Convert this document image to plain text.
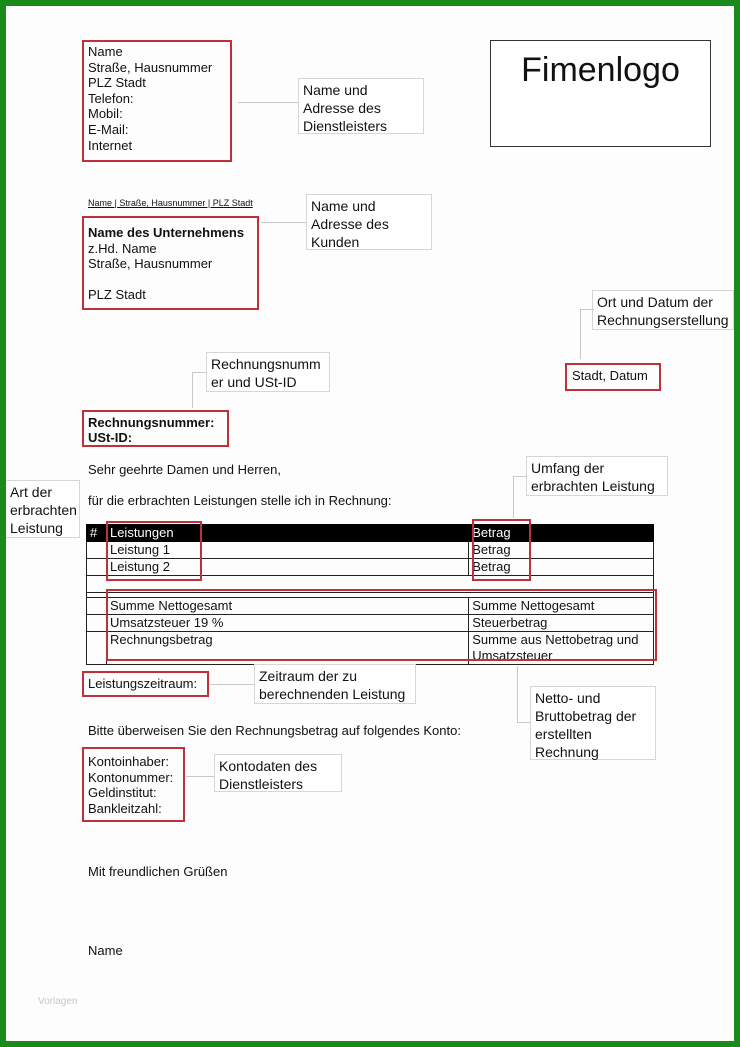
Name
Straße, Hausnummer
PLZ Stadt
Telefon:
Mobil:
E-Mail:
Internet
Fimenlogo
Name und
Adresse des
Dienstleisters
Name | Straße, Hausnummer | PLZ Stadt
Name des Unternehmens
z.Hd. Name
Straße, Hausnummer

PLZ Stadt
Name und
Adresse des
Kunden
Ort und Datum der
Rechnungserstellung
Stadt, Datum
Rechnungsnumm
er und USt-ID
Rechnungsnummer:
USt-ID:
Sehr geehrte Damen und Herren,
für die erbrachten Leistungen stelle ich in Rechnung:
Art der
erbrachten
Leistung
Umfang der
erbrachten Leistung
#	Leistungen	Betrag
	Leistung 1	Betrag
	Leistung 2	Betrag

	Summe Nettogesamt	Summe Nettogesamt
	Umsatzsteuer 19 %	Steuerbetrag
	Rechnungsbetrag	Summe aus Nettobetrag und
Umsatzsteuer
Leistungszeitraum:	Zeitraum der zu
berechnenden Leistung	Netto- und
Bruttobetrag der
erstellten
Rechnung
Bitte überweisen Sie den Rechnungsbetrag auf folgendes Konto:
Kontoinhaber:
Kontonummer:
Geldinstitut:
Bankleitzahl:
Kontodaten des
Dienstleisters
Mit freundlichen Grüßen
Name
Vorlagen
